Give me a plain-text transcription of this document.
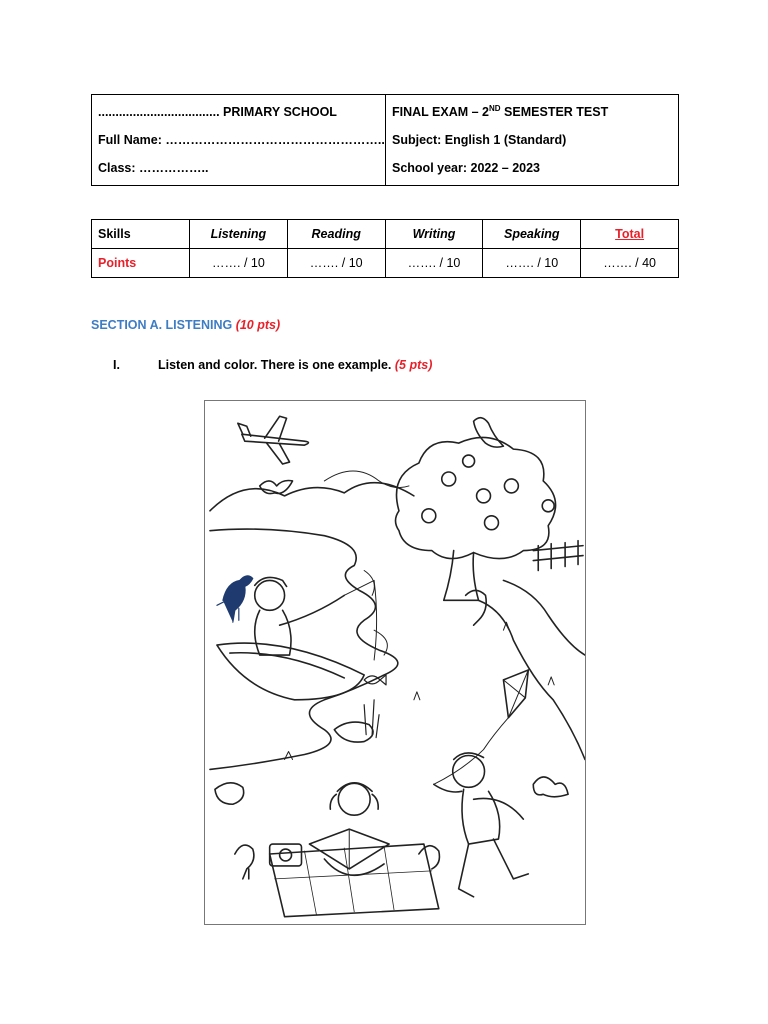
................................... PRIMARY SCHOOL
Full Name: ……………………………………………..
Class: ……………..

FINAL EXAM – 2ND SEMESTER TEST
Subject: English 1 (Standard)
School year: 2022 – 2023
Skills	Listening	Reading	Writing	Speaking	Total
Points	……. / 10	……. / 10	……. / 10	……. / 10	……. / 40
SECTION A. LISTENING (10 pts)
I.	Listen and color. There is one example. (5 pts)
